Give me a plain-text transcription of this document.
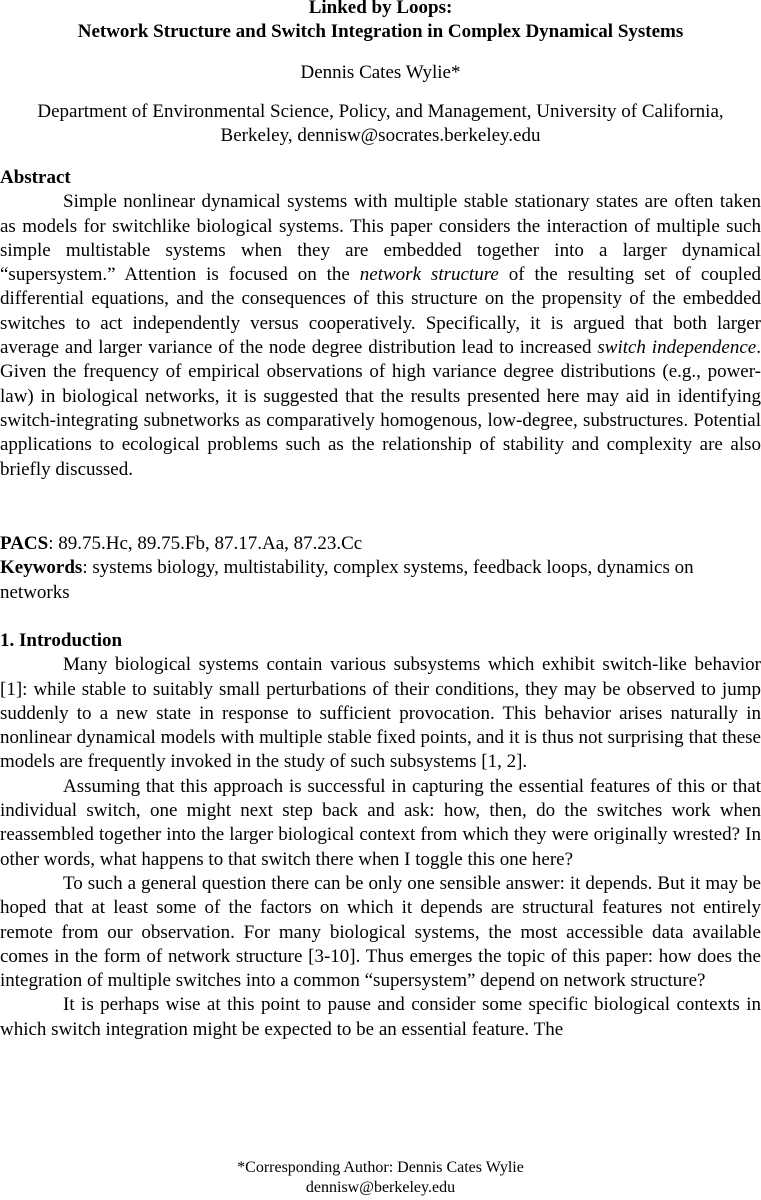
Linked by Loops:
Network Structure and Switch Integration in Complex Dynamical Systems
Dennis Cates Wylie*
Department of Environmental Science, Policy, and Management, University of California, Berkeley, dennisw@socrates.berkeley.edu
Abstract

Simple nonlinear dynamical systems with multiple stable stationary states are often taken as models for switchlike biological systems. This paper considers the interaction of multiple such simple multistable systems when they are embedded together into a larger dynamical “supersystem.” Attention is focused on the network structure of the resulting set of coupled differential equations, and the consequences of this structure on the propensity of the embedded switches to act independently versus cooperatively. Specifically, it is argued that both larger average and larger variance of the node degree distribution lead to increased switch independence. Given the frequency of empirical observations of high variance degree distributions (e.g., power-law) in biological networks, it is suggested that the results presented here may aid in identifying switch-integrating subnetworks as comparatively homogenous, low-degree, substructures. Potential applications to ecological problems such as the relationship of stability and complexity are also briefly discussed.

PACS: 89.75.Hc, 89.75.Fb, 87.17.Aa, 87.23.Cc

Keywords: systems biology, multistability, complex systems, feedback loops, dynamics on networks

1. Introduction

Many biological systems contain various subsystems which exhibit switch-like behavior [1]: while stable to suitably small perturbations of their conditions, they may be observed to jump suddenly to a new state in response to sufficient provocation. This behavior arises naturally in nonlinear dynamical models with multiple stable fixed points, and it is thus not surprising that these models are frequently invoked in the study of such subsystems [1, 2].

Assuming that this approach is successful in capturing the essential features of this or that individual switch, one might next step back and ask: how, then, do the switches work when reassembled together into the larger biological context from which they were originally wrested? In other words, what happens to that switch there when I toggle this one here?

To such a general question there can be only one sensible answer: it depends. But it may be hoped that at least some of the factors on which it depends are structural features not entirely remote from our observation. For many biological systems, the most accessible data available comes in the form of network structure [3-10]. Thus emerges the topic of this paper: how does the integration of multiple switches into a common “supersystem” depend on network structure?

It is perhaps wise at this point to pause and consider some specific biological contexts in which switch integration might be expected to be an essential feature. The

*Corresponding Author: Dennis Cates Wylie
dennisw@berkeley.edu
